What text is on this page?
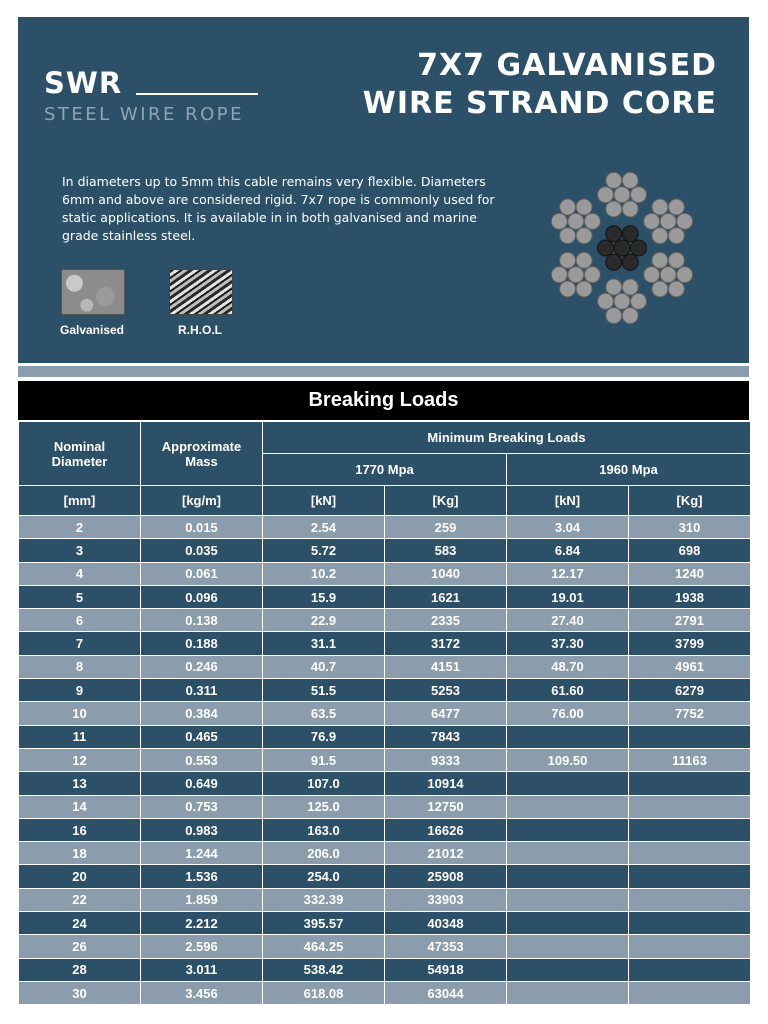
SWR
STEEL WIRE ROPE
7X7 GALVANISED
WIRE STRAND CORE
In diameters up to 5mm this cable remains very flexible. Diameters 6mm and above are considered rigid. 7x7 rope is commonly used for static applications. It is available in in both galvanised and marine grade stainless steel.
Galvanised	R.H.O.L
Breaking Loads
Nominal Diameter	Approximate Mass	Minimum Breaking Loads			
		1770 Mpa		1960 Mpa	
[mm]	[kg/m]	[kN]	[Kg]	[kN]	[Kg]
2	0.015	2.54	259	3.04	310
3	0.035	5.72	583	6.84	698
4	0.061	10.2	1040	12.17	1240
5	0.096	15.9	1621	19.01	1938
6	0.138	22.9	2335	27.40	2791
7	0.188	31.1	3172	37.30	3799
8	0.246	40.7	4151	48.70	4961
9	0.311	51.5	5253	61.60	6279
10	0.384	63.5	6477	76.00	7752
11	0.465	76.9	7843		
12	0.553	91.5	9333	109.50	11163
13	0.649	107.0	10914		
14	0.753	125.0	12750		
16	0.983	163.0	16626		
18	1.244	206.0	21012		
20	1.536	254.0	25908		
22	1.859	332.39	33903		
24	2.212	395.57	40348		
26	2.596	464.25	47353		
28	3.011	538.42	54918		
30	3.456	618.08	63044		
